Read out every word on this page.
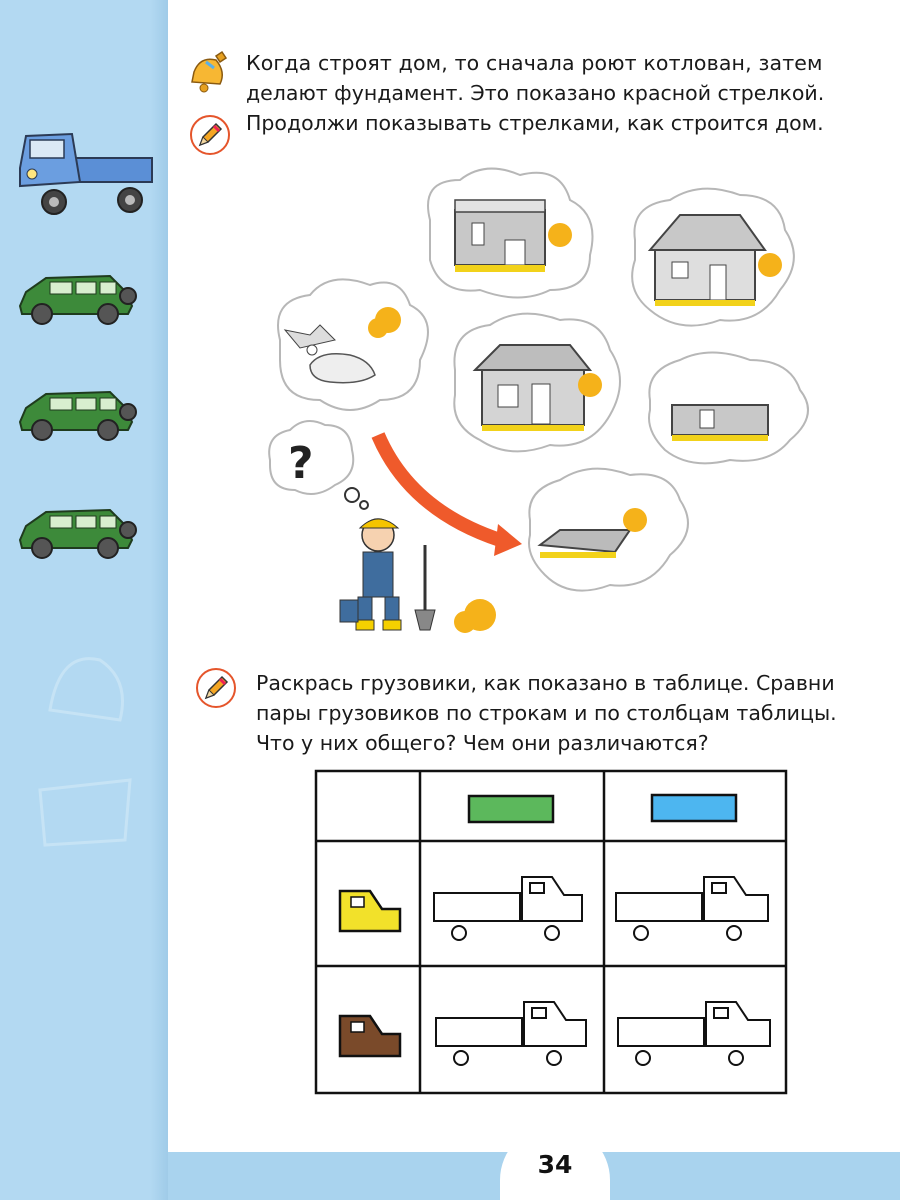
34
Когда строят дом, то сначала роют котлован, затем
делают фундамент. Это показано красной стрелкой.
Продолжи показывать стрелками, как строится дом.
?
Раскрась грузовики, как показано в таблице. Сравни
пары грузовиков по строкам и по столбцам таблицы.
Что у них общего? Чем они различаются?
